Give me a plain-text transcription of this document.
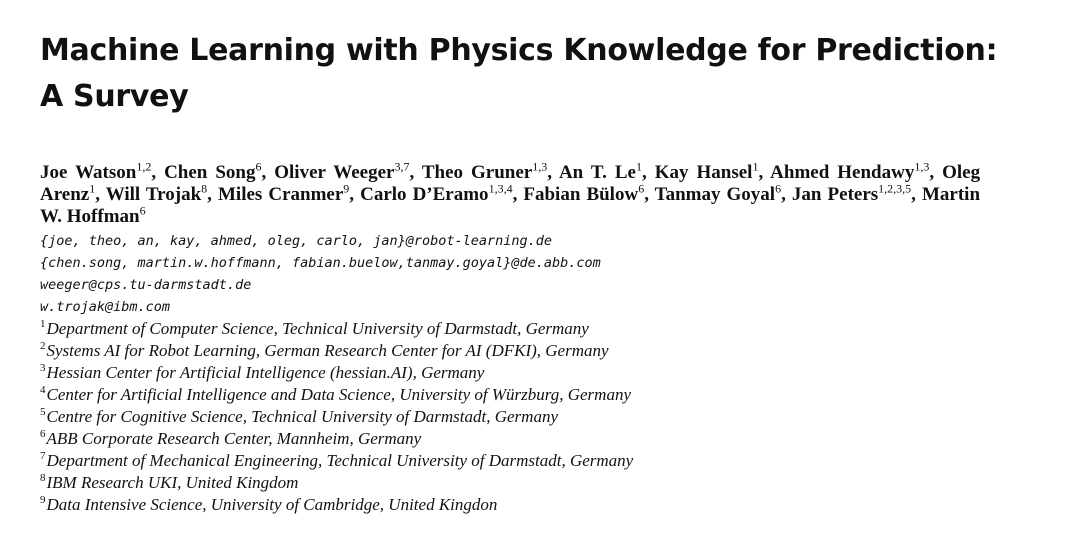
Machine Learning with Physics Knowledge for Prediction:
A Survey
Joe Watson$^{1,2}$, Chen Song$^6$, Oliver Weeger$^{3,7}$, Theo Gruner$^{1,3}$, An T. Le$^1$, Kay Hansel$^1$, Ahmed Hendawy$^{1,3}$, Oleg Arenz$^1$, Will Trojak$^8$, Miles Cranmer$^9$, Carlo D’Eramo$^{1,3,4}$, Fabian Bülow$^6$, Tanmay Goyal$^6$, Jan Peters$^{1,2,3,5}$, Martin W. Hoffman$^6$
{joe, theo, an, kay, ahmed, oleg, carlo, jan}@robot-learning.de
{chen.song, martin.w.hoffmann, fabian.buelow,tanmay.goyal}@de.abb.com
weeger@cps.tu-darmstadt.de
w.trojak@ibm.com
$^1$Department of Computer Science, Technical University of Darmstadt, Germany
$^2$Systems AI for Robot Learning, German Research Center for AI (DFKI), Germany
$^3$Hessian Center for Artificial Intelligence (hessian.AI), Germany
$^4$Center for Artificial Intelligence and Data Science, University of Würzburg, Germany
$^5$Centre for Cognitive Science, Technical University of Darmstadt, Germany
$^6$ABB Corporate Research Center, Mannheim, Germany
$^7$Department of Mechanical Engineering, Technical University of Darmstadt, Germany
$^8$IBM Research UKI, United Kingdom
$^9$Data Intensive Science, University of Cambridge, United Kingdon
